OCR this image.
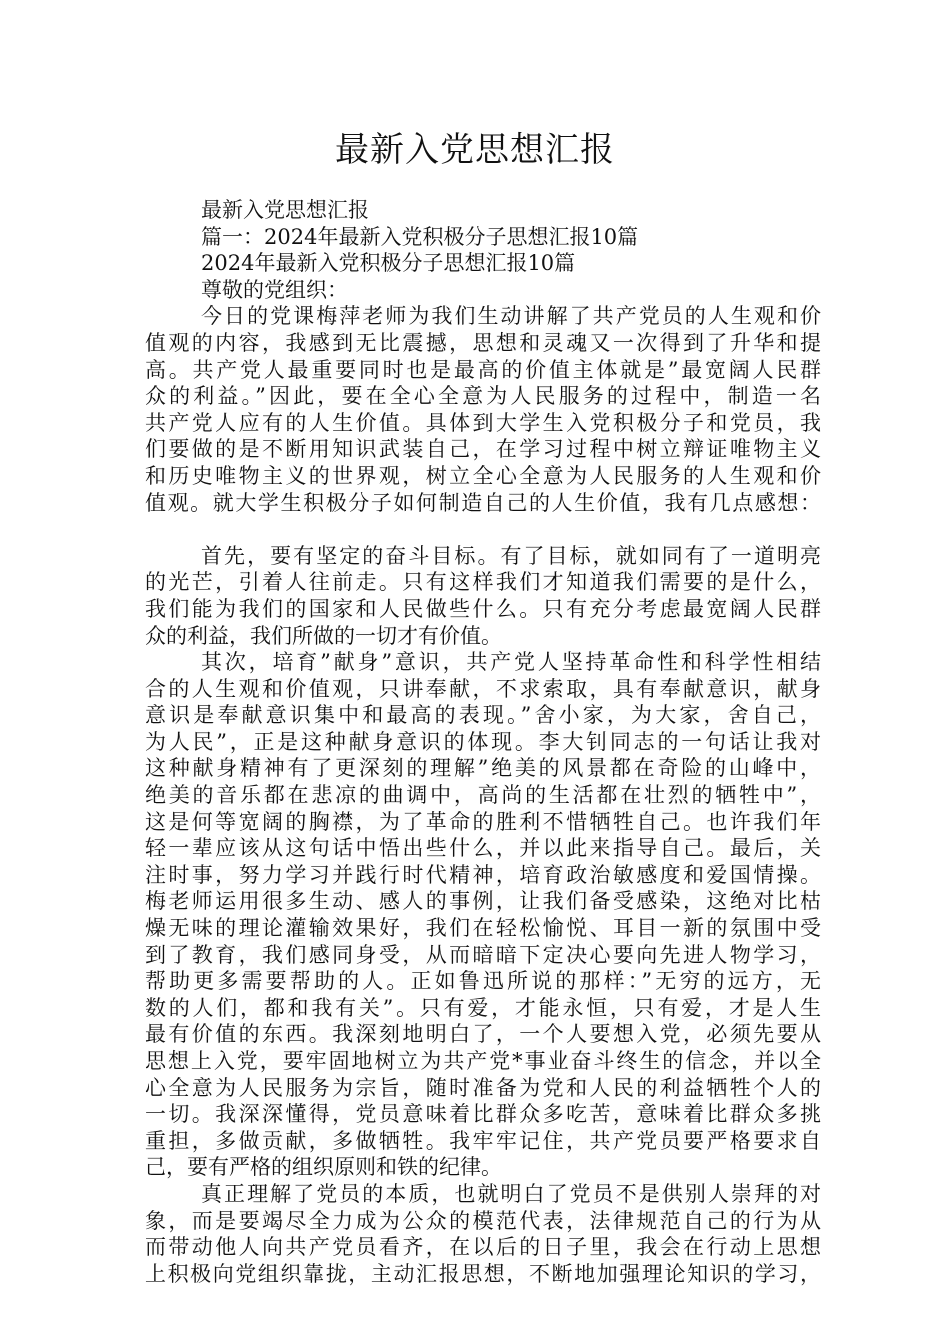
最新入党思想汇报
最新入党思想汇报
篇一：2024年最新入党积极分子思想汇报10篇
2024年最新入党积极分子思想汇报10篇
尊敬的党组织：
今日的党课梅萍老师为我们生动讲解了共产党员的人生观和价
值观的内容，我感到无比震撼，思想和灵魂又一次得到了升华和提
高。共产党人最重要同时也是最高的价值主体就是”最宽阔人民群
众的利益。”因此，要在全心全意为人民服务的过程中，制造一名
共产党人应有的人生价值。具体到大学生入党积极分子和党员，我
们要做的是不断用知识武装自己，在学习过程中树立辩证唯物主义
和历史唯物主义的世界观，树立全心全意为人民服务的人生观和价
值观。就大学生积极分子如何制造自己的人生价值，我有几点感想：
首先，要有坚定的奋斗目标。有了目标，就如同有了一道明亮
的光芒，引着人往前走。只有这样我们才知道我们需要的是什么，
我们能为我们的国家和人民做些什么。只有充分考虑最宽阔人民群
众的利益，我们所做的一切才有价值。
其次，培育”献身”意识，共产党人坚持革命性和科学性相结
合的人生观和价值观，只讲奉献，不求索取，具有奉献意识，献身
意识是奉献意识集中和最高的表现。”舍小家，为大家，舍自己，
为人民”，正是这种献身意识的体现。李大钊同志的一句话让我对
这种献身精神有了更深刻的理解”绝美的风景都在奇险的山峰中，
绝美的音乐都在悲凉的曲调中，高尚的生活都在壮烈的牺牲中”，
这是何等宽阔的胸襟，为了革命的胜利不惜牺牲自己。也许我们年
轻一辈应该从这句话中悟出些什么，并以此来指导自己。最后，关
注时事，努力学习并践行时代精神，培育政治敏感度和爱国情操。
梅老师运用很多生动、感人的事例，让我们备受感染，这绝对比枯
燥无味的理论灌输效果好，我们在轻松愉悦、耳目一新的氛围中受
到了教育，我们感同身受，从而暗暗下定决心要向先进人物学习，
帮助更多需要帮助的人。正如鲁迅所说的那样：”无穷的远方，无
数的人们，都和我有关”。只有爱，才能永恒，只有爱，才是人生
最有价值的东西。我深刻地明白了，一个人要想入党，必须先要从
思想上入党，要牢固地树立为共产党*事业奋斗终生的信念，并以全
心全意为人民服务为宗旨，随时准备为党和人民的利益牺牲个人的
一切。我深深懂得，党员意味着比群众多吃苦，意味着比群众多挑
重担，多做贡献，多做牺牲。我牢牢记住，共产党员要严格要求自
己，要有严格的组织原则和铁的纪律。
真正理解了党员的本质，也就明白了党员不是供别人崇拜的对
象，而是要竭尽全力成为公众的模范代表，法律规范自己的行为从
而带动他人向共产党员看齐，在以后的日子里，我会在行动上思想
上积极向党组织靠拢，主动汇报思想，不断地加强理论知识的学习，
